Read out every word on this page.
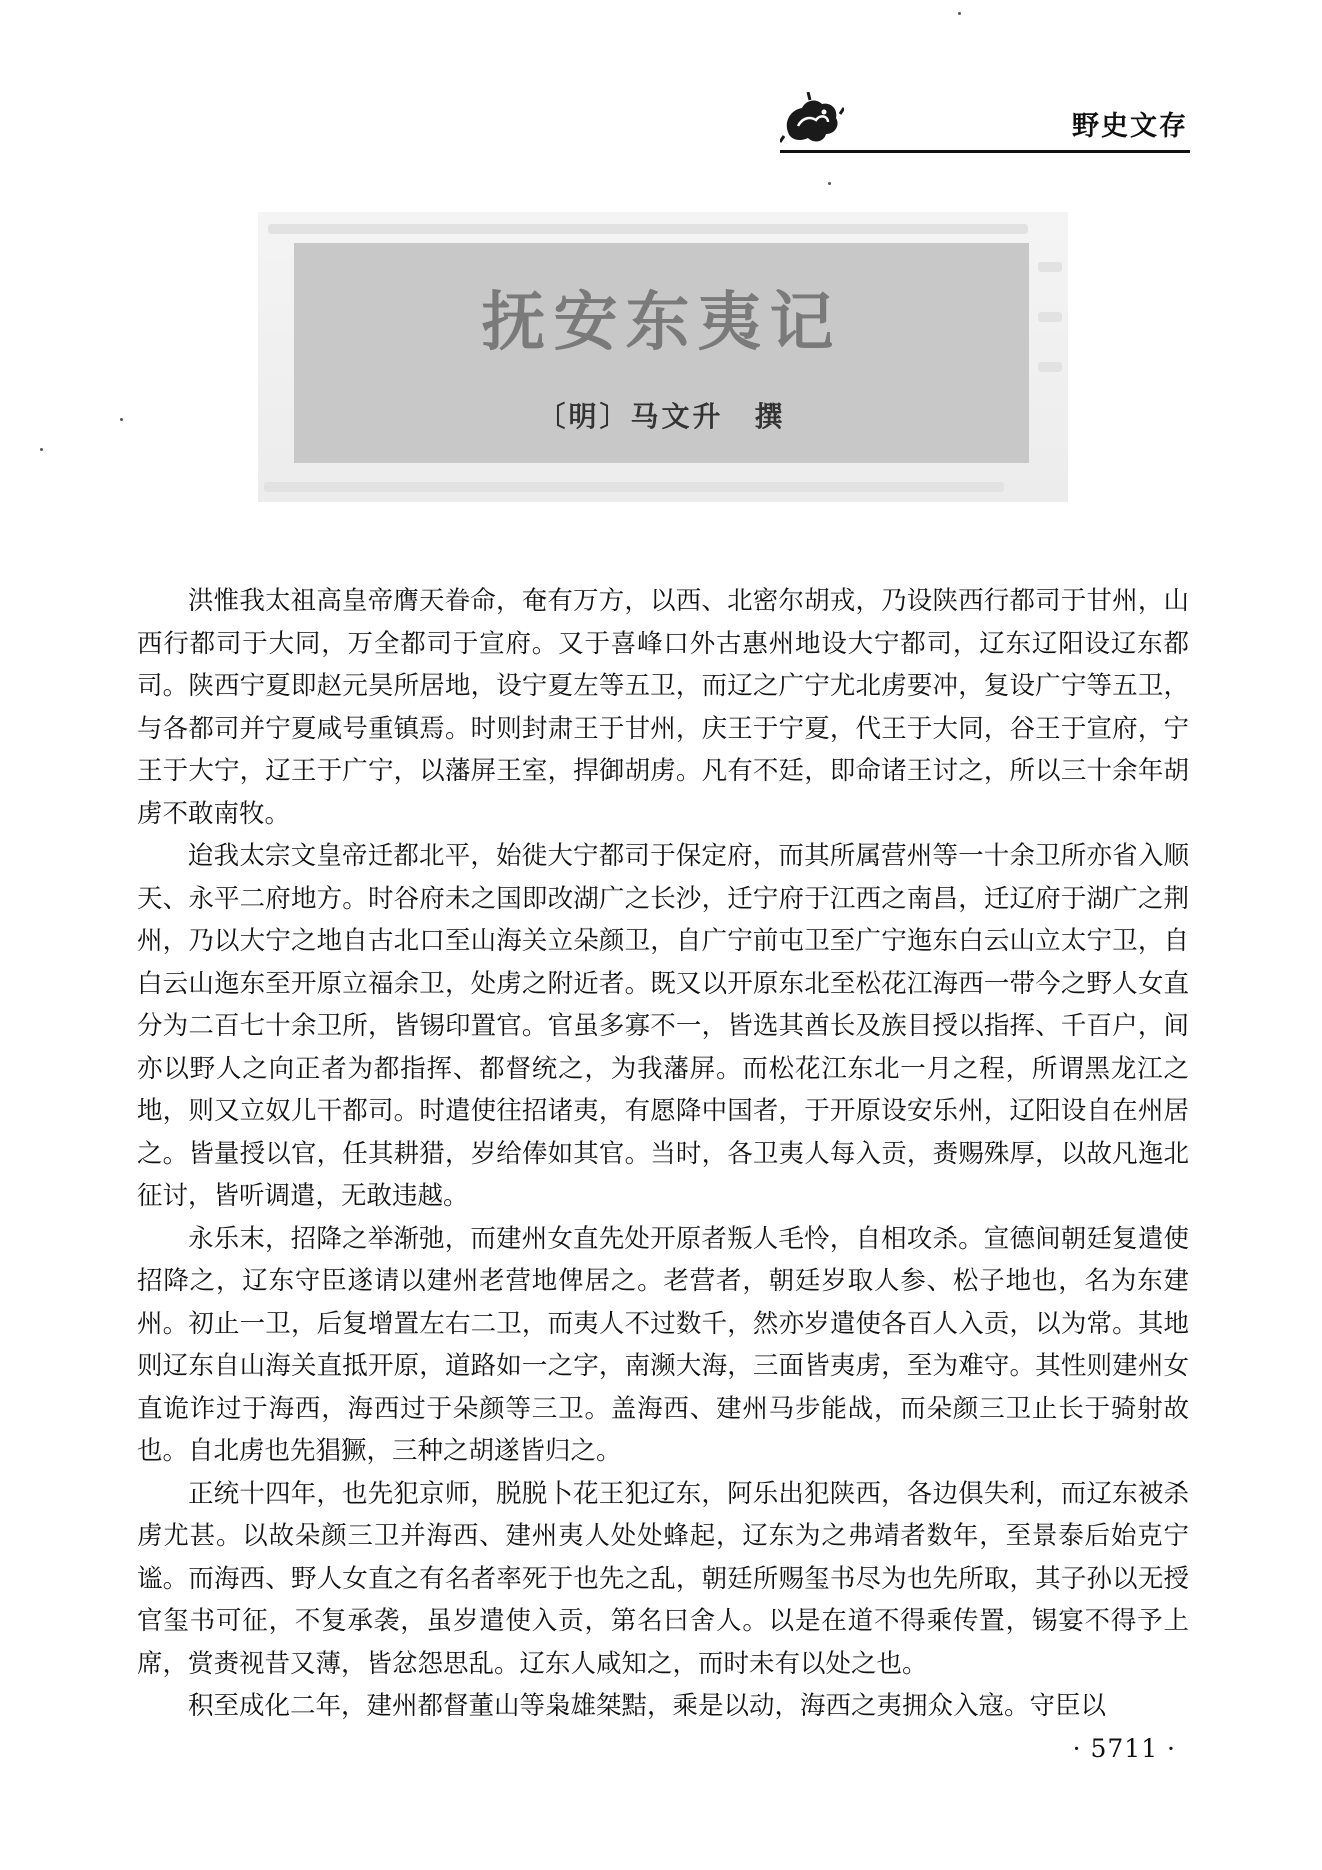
野史文存
抚安东夷记
〔明〕马文升　撰

洪惟我太祖高皇帝膺天眷命，奄有万方，以西、北密尔胡戎，乃设陕西行都司于甘州，山西行都司于大同，万全都司于宣府。又于喜峰口外古惠州地设大宁都司，辽东辽阳设辽东都司。陕西宁夏即赵元昊所居地，设宁夏左等五卫，而辽之广宁尤北虏要冲，复设广宁等五卫，与各都司并宁夏咸号重镇焉。时则封肃王于甘州，庆王于宁夏，代王于大同，谷王于宣府，宁王于大宁，辽王于广宁，以藩屏王室，捍御胡虏。凡有不廷，即命诸王讨之，所以三十余年胡虏不敢南牧。

迨我太宗文皇帝迁都北平，始徙大宁都司于保定府，而其所属营州等一十余卫所亦省入顺天、永平二府地方。时谷府未之国即改湖广之长沙，迁宁府于江西之南昌，迁辽府于湖广之荆州，乃以大宁之地自古北口至山海关立朵颜卫，自广宁前屯卫至广宁迤东白云山立太宁卫，自白云山迤东至开原立福余卫，处虏之附近者。既又以开原东北至松花江海西一带今之野人女直分为二百七十余卫所，皆锡印置官。官虽多寡不一，皆选其酋长及族目授以指挥、千百户，间亦以野人之向正者为都指挥、都督统之，为我藩屏。而松花江东北一月之程，所谓黑龙江之地，则又立奴儿干都司。时遣使往招诸夷，有愿降中国者，于开原设安乐州，辽阳设自在州居之。皆量授以官，任其耕猎，岁给俸如其官。当时，各卫夷人每入贡，赉赐殊厚，以故凡迤北征讨，皆听调遣，无敢违越。

永乐末，招降之举渐弛，而建州女直先处开原者叛人毛怜，自相攻杀。宣德间朝廷复遣使招降之，辽东守臣遂请以建州老营地俾居之。老营者，朝廷岁取人参、松子地也，名为东建州。初止一卫，后复增置左右二卫，而夷人不过数千，然亦岁遣使各百人入贡，以为常。其地则辽东自山海关直抵开原，道路如一之字，南濒大海，三面皆夷虏，至为难守。其性则建州女直诡诈过于海西，海西过于朵颜等三卫。盖海西、建州马步能战，而朵颜三卫止长于骑射故也。自北虏也先猖獗，三种之胡遂皆归之。

正统十四年，也先犯京师，脱脱卜花王犯辽东，阿乐出犯陕西，各边俱失利，而辽东被杀虏尤甚。以故朵颜三卫并海西、建州夷人处处蜂起，辽东为之弗靖者数年，至景泰后始克宁谧。而海西、野人女直之有名者率死于也先之乱，朝廷所赐玺书尽为也先所取，其子孙以无授官玺书可征，不复承袭，虽岁遣使入贡，第名曰舍人。以是在道不得乘传置，锡宴不得予上席，赏赉视昔又薄，皆忿怨思乱。辽东人咸知之，而时未有以处之也。

积至成化二年，建州都督董山等枭雄桀黠，乘是以动，海西之夷拥众入寇。守臣以

· 5711 ·
